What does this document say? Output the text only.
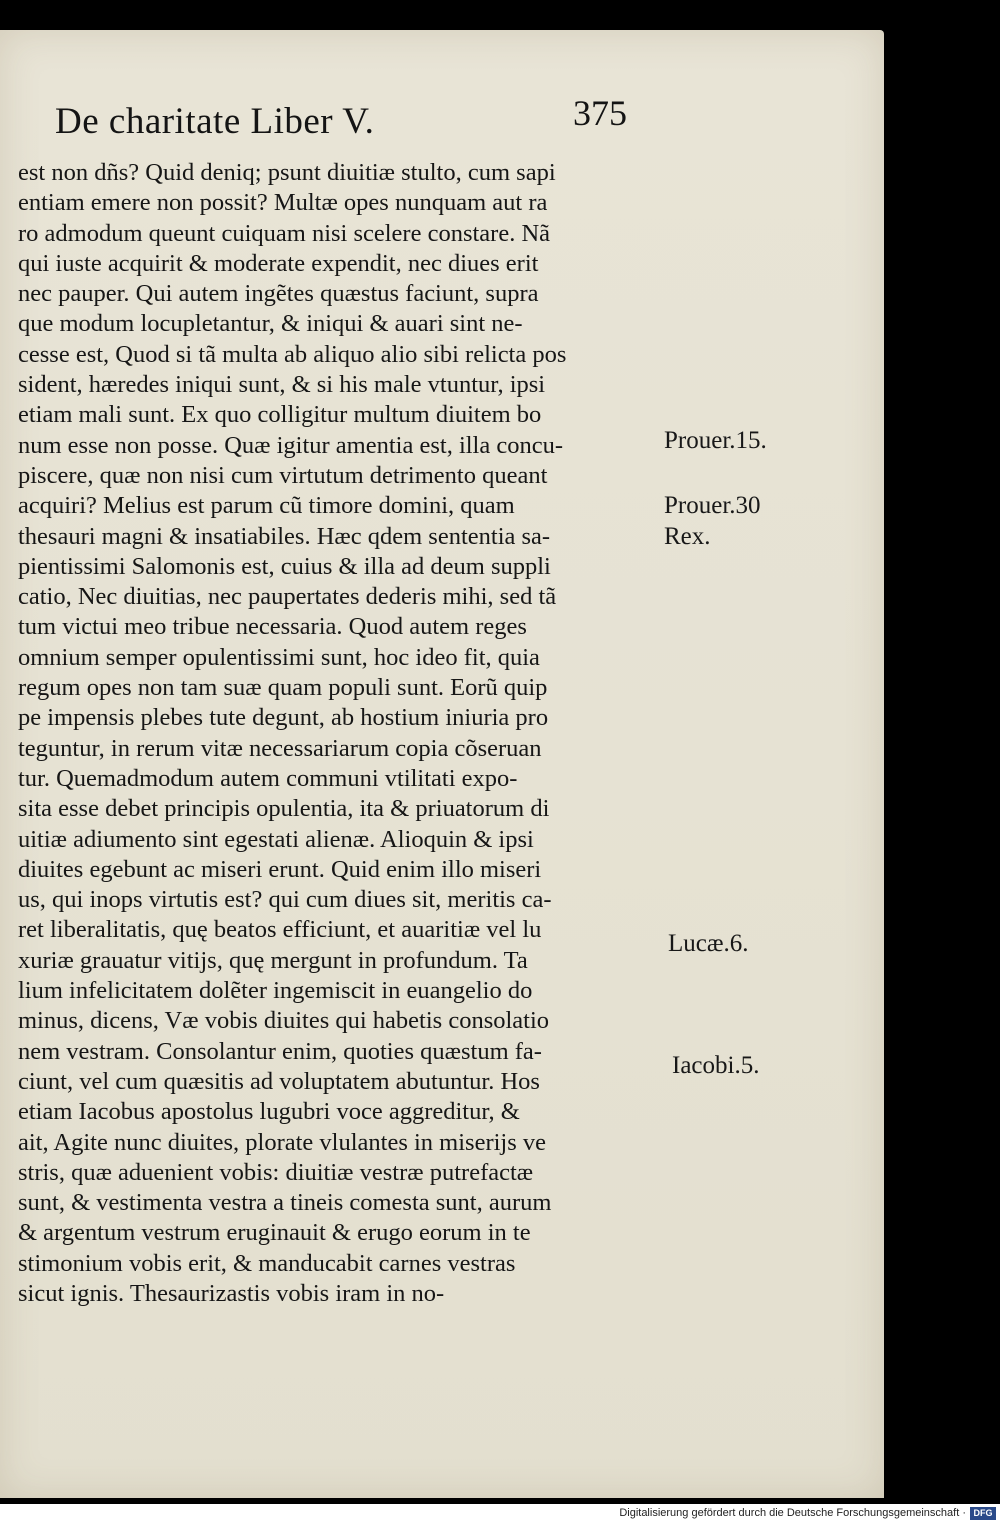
De charitate Liber V.	375
est non dñs? Quid deniq; psunt diuitiæ stulto, cum sapi
entiam emere non possit? Multæ opes nunquam aut ra
ro admodum queunt cuiquam nisi scelere constare. Nã
qui iuste acquirit & moderate expendit, nec diues erit
nec pauper. Qui autem ingẽtes quæstus faciunt, supra
que modum locupletantur, & iniqui & auari sint ne-
cesse est, Quod si tã multa ab aliquo alio sibi relicta pos
sident, hæredes iniqui sunt, & si his male vtuntur, ipsi
etiam mali sunt. Ex quo colligitur multum diuitem bo
num esse non posse. Quæ igitur amentia est, illa concu-
piscere, quæ non nisi cum virtutum detrimento queant
acquiri? Melius est parum cũ timore domini, quam
thesauri magni & insatiabiles. Hæc qdem sententia sa-
pientissimi Salomonis est, cuius & illa ad deum suppli
catio, Nec diuitias, nec paupertates dederis mihi, sed tã
tum victui meo tribue necessaria. Quod autem reges
omnium semper opulentissimi sunt, hoc ideo fit, quia
regum opes non tam suæ quam populi sunt. Eorũ quip
pe impensis plebes tute degunt, ab hostium iniuria pro
teguntur, in rerum vitæ necessariarum copia cõseruan
tur. Quemadmodum autem communi vtilitati expo-
sita esse debet principis opulentia, ita & priuatorum di
uitiæ adiumento sint egestati alienæ. Alioquin & ipsi
diuites egebunt ac miseri erunt. Quid enim illo miseri
us, qui inops virtutis est? qui cum diues sit, meritis ca-
ret liberalitatis, quę beatos efficiunt, et auaritiæ vel lu
xuriæ grauatur vitijs, quę mergunt in profundum. Ta
lium infelicitatem dolẽter ingemiscit in euangelio do
minus, dicens, Væ vobis diuites qui habetis consolatio
nem vestram. Consolantur enim, quoties quæstum fa-
ciunt, vel cum quæsitis ad voluptatem abutuntur. Hos
etiam Iacobus apostolus lugubri voce aggreditur, &
ait, Agite nunc diuites, plorate vlulantes in miserijs ve
stris, quæ aduenient vobis: diuitiæ vestræ putrefactæ
sunt, & vestimenta vestra a tineis comesta sunt, aurum
& argentum vestrum eruginauit & erugo eorum in te
stimonium vobis erit, & manducabit carnes vestras
sicut ignis. Thesaurizastis vobis iram in no-
Prouer.15.
Prouer.30
Rex.
Lucæ.6.
Iacobi.5.
Digitalisierung gefördert durch die Deutsche Forschungsgemeinschaft · DFG
